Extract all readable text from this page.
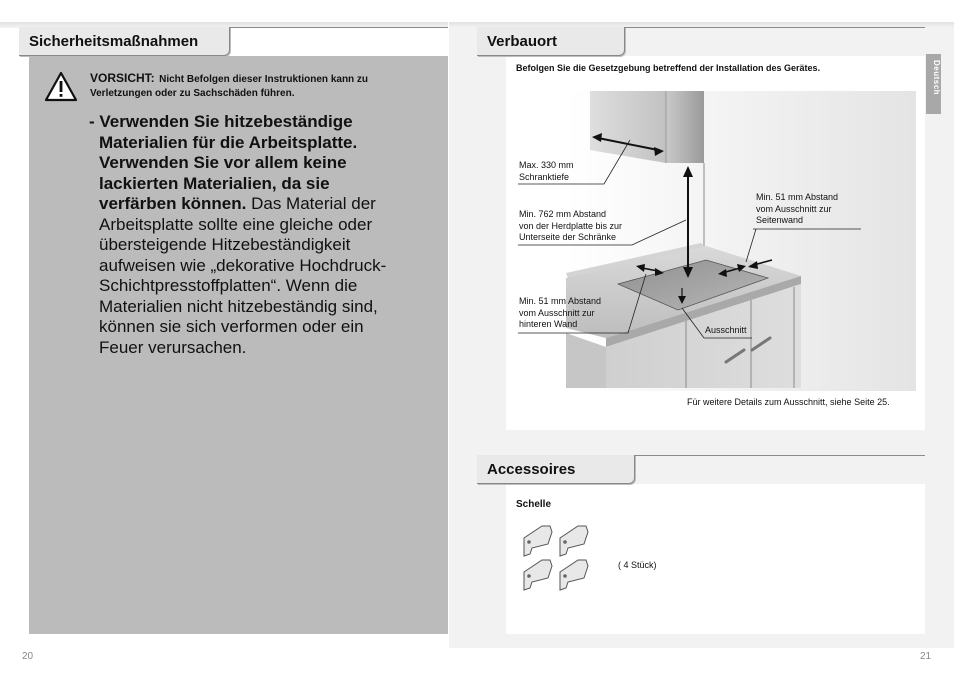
Sicherheitsmaßnahmen
VORSICHT: Nicht Befolgen dieser Instruktionen kann zu
Verletzungen oder zu Sachschäden führen.
- Verwenden Sie hitzebeständige
Materialien für die Arbeitsplatte.
Verwenden Sie vor allem keine
lackierten Materialien, da sie
verfärben können. Das Material der
Arbeitsplatte sollte eine gleiche oder
übersteigende Hitzebeständigkeit
aufweisen wie „dekorative Hochdruck-
Schichtpresstoffplatten“. Wenn die
Materialien nicht hitzebeständig sind,
können sie sich verformen oder ein
Feuer verursachen.
20
Deutsch
Verbauort
Befolgen Sie die Gesetzgebung betreffend der Installation des Gerätes.
Max. 330 mm
Schranktiefe
Min. 762 mm Abstand
von der Herdplatte bis zur
Unterseite der Schränke
Min. 51 mm Abstand
vom Ausschnitt zur
Seitenwand
Min. 51 mm Abstand
vom Ausschnitt zur
hinteren Wand
Ausschnitt
Für weitere Details zum Ausschnitt, siehe Seite 25.
Accessoires
Schelle
( 4 Stück)
21
